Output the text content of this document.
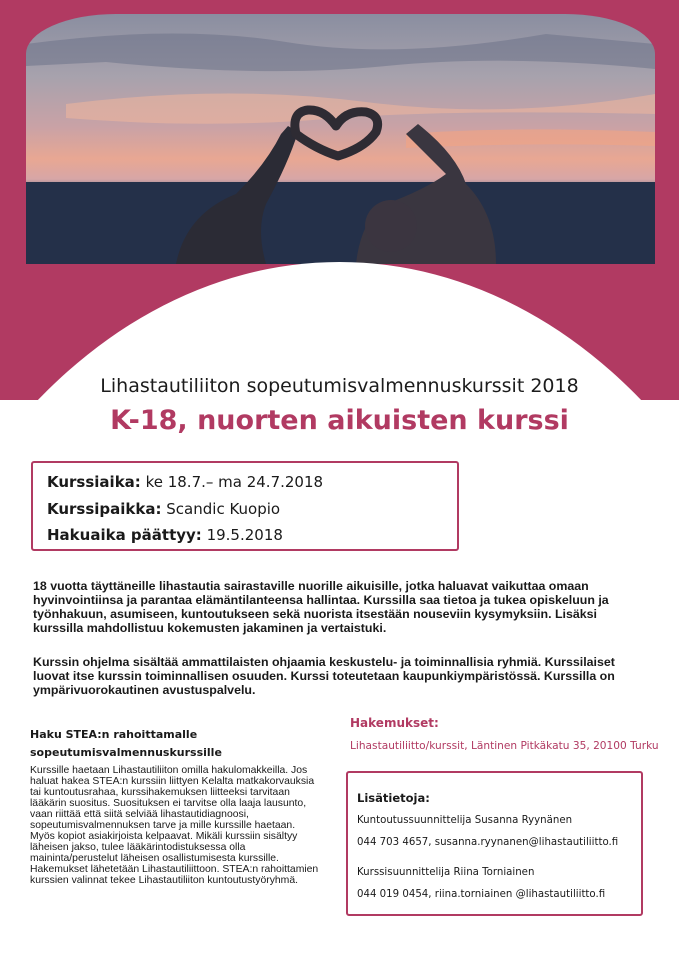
Lihastautiliiton sopeutumisvalmennuskurssit 2018
K-18, nuorten aikuisten kurssi
Kurssiaika: ke 18.7.– ma 24.7.2018
Kurssipaikka: Scandic Kuopio
Hakuaika päättyy: 19.5.2018
18 vuotta täyttäneille lihastautia sairastaville nuorille aikuisille, jotka haluavat vaikuttaa omaan hyvinvointiinsa ja parantaa elämäntilanteensa hallintaa. Kurssilla saa tietoa ja tukea opiskeluun ja työnhakuun, asumiseen, kuntoutukseen sekä nuorista itsestään nouseviin kysymyksiin. Lisäksi kurssilla mahdollistuu kokemusten jakaminen ja vertaistuki.
Kurssin ohjelma sisältää ammattilaisten ohjaamia keskustelu- ja toiminnallisia ryhmiä. Kurssilaiset luovat itse kurssin toiminnallisen osuuden. Kurssi toteutetaan kaupunkiympäristössä. Kurssilla on ympärivuorokautinen avustuspalvelu.
Haku STEA:n rahoittamalle sopeutumisvalmennuskurssille
Kurssille haetaan Lihastautiliiton omilla hakulomakkeilla. Jos haluat hakea STEA:n kurssiin liittyen Kelalta matkakorvauksia tai kuntoutusrahaa, kurssihakemuksen liitteeksi tarvitaan lääkärin suositus. Suosituksen ei tarvitse olla laaja lausunto, vaan riittää että siitä selviää lihastautidiagnoosi, sopeutumisvalmennuksen tarve ja mille kurssille haetaan. Myös kopiot asiakirjoista kelpaavat. Mikäli kurssiin sisältyy läheisen jakso, tulee lääkärintodistuksessa olla maininta/perustelut läheisen osallistumisesta kurssille. Hakemukset lähetetään Lihastautiliittoon. STEA:n rahoittamien kurssien valinnat tekee Lihastautiliiton kuntoutustyöryhmä.
Hakemukset:
Lihastautiliitto/kurssit, Läntinen Pitkäkatu 35, 20100 Turku
Lisätietoja:
Kuntoutussuunnittelija Susanna Ryynänen
044 703 4657, susanna.ryynanen@lihastautiliitto.fi
Kurssisuunnittelija Riina Torniainen
044 019 0454, riina.torniainen @lihastautiliitto.fi
